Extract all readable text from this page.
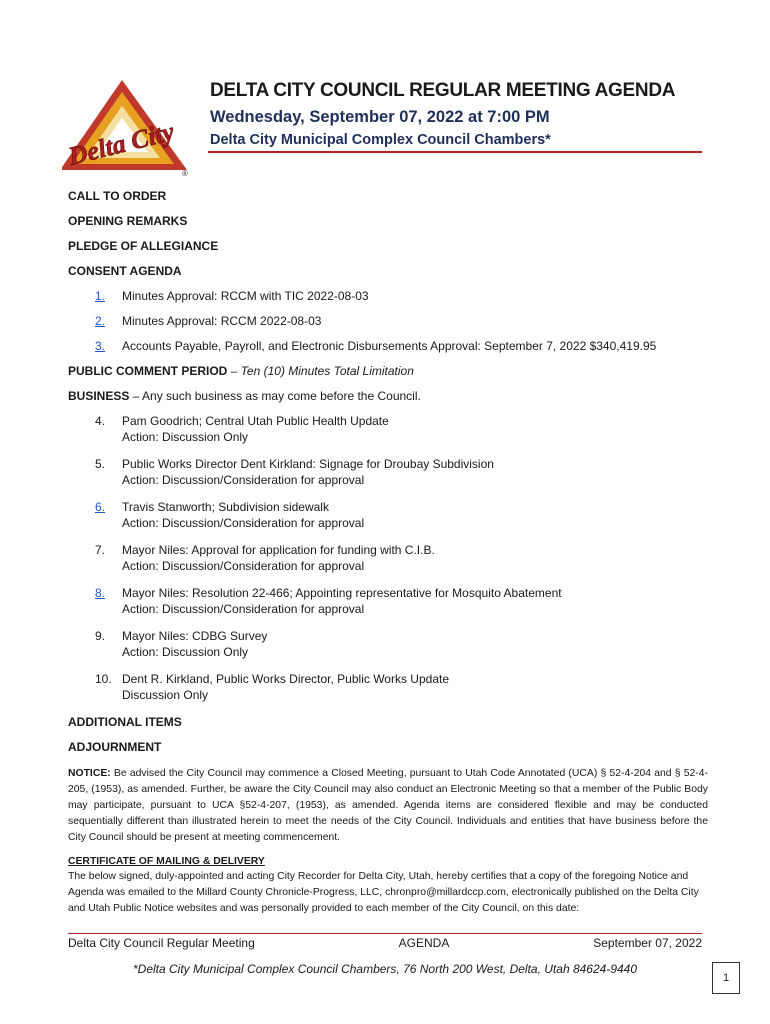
Delta City
®
DELTA CITY COUNCIL REGULAR MEETING AGENDA
Wednesday, September 07, 2022 at 7:00 PM
Delta City Municipal Complex Council Chambers*
CALL TO ORDER
OPENING REMARKS
PLEDGE OF ALLEGIANCE
CONSENT AGENDA
1.	Minutes Approval: RCCM with TIC 2022-08-03
2.	Minutes Approval: RCCM 2022-08-03
3.	Accounts Payable, Payroll, and Electronic Disbursements Approval: September 7, 2022 $340,419.95
PUBLIC COMMENT PERIOD – Ten (10) Minutes Total Limitation
BUSINESS – Any such business as may come before the Council.
4.	Pam Goodrich; Central Utah Public Health Update
Action: Discussion Only
5.	Public Works Director Dent Kirkland: Signage for Droubay Subdivision
Action: Discussion/Consideration for approval
6.	Travis Stanworth; Subdivision sidewalk
Action: Discussion/Consideration for approval
7.	Mayor Niles: Approval for application for funding with C.I.B.
Action: Discussion/Consideration for approval
8.	Mayor Niles: Resolution 22-466; Appointing representative for Mosquito Abatement
Action: Discussion/Consideration for approval
9.	Mayor Niles: CDBG Survey
Action: Discussion Only
10. Dent R. Kirkland, Public Works Director, Public Works Update
Discussion Only
ADDITIONAL ITEMS
ADJOURNMENT
NOTICE: Be advised the City Council may commence a Closed Meeting, pursuant to Utah Code Annotated (UCA) § 52-4-204 and § 52-4-205, (1953), as amended. Further, be aware the City Council may also conduct an Electronic Meeting so that a member of the Public Body may participate, pursuant to UCA §52-4-207, (1953), as amended. Agenda items are considered flexible and may be conducted sequentially different than illustrated herein to meet the needs of the City Council. Individuals and entities that have business before the City Council should be present at meeting commencement.
CERTIFICATE OF MAILING & DELIVERY
The below signed, duly-appointed and acting City Recorder for Delta City, Utah, hereby certifies that a copy of the foregoing Notice and Agenda was emailed to the Millard County Chronicle-Progress, LLC, chronpro@millardccp.com, electronically published on the Delta City and Utah Public Notice websites and was personally provided to each member of the City Council, on this date:
Delta City Council Regular Meeting	AGENDA	September 07, 2022
*Delta City Municipal Complex Council Chambers, 76 North 200 West, Delta, Utah 84624-9440
1
